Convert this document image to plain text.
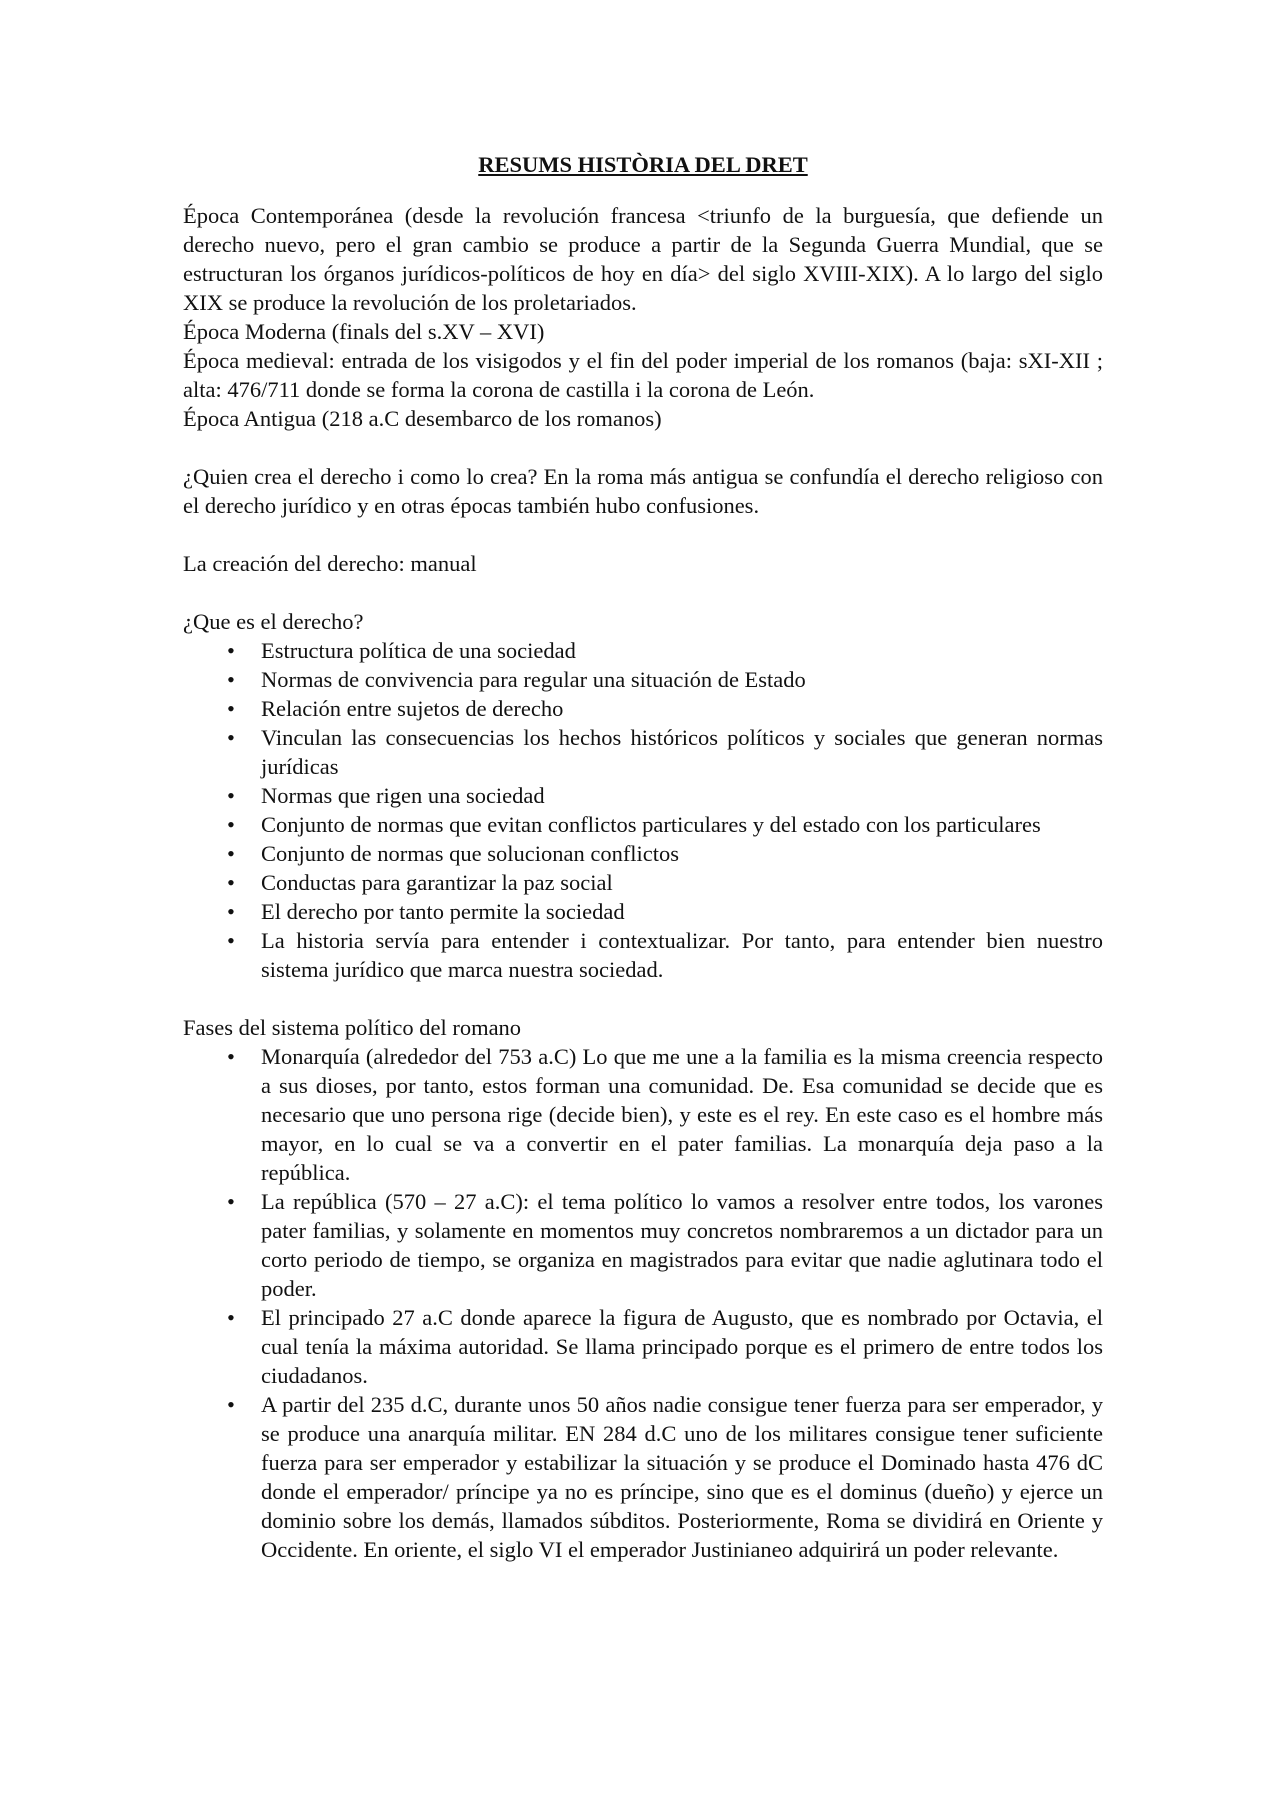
RESUMS HISTÒRIA DEL DRET

Época Contemporánea (desde la revolución francesa <triunfo de la burguesía, que defiende un derecho nuevo, pero el gran cambio se produce a partir de la Segunda Guerra Mundial, que se estructuran los órganos jurídicos-políticos de hoy en día> del siglo XVIII-XIX). A lo largo del siglo XIX se produce la revolución de los proletariados.

Época Moderna (finals del s.XV – XVI)

Época medieval: entrada de los visigodos y el fin del poder imperial de los romanos (baja: sXI-XII ; alta: 476/711 donde se forma la corona de castilla i la corona de León.

Época Antigua (218 a.C desembarco de los romanos)

¿Quien crea el derecho i como lo crea? En la roma más antigua se confundía el derecho religioso con el derecho jurídico y en otras épocas también hubo confusiones.

La creación del derecho: manual

¿Que es el derecho?

• Estructura política de una sociedad
• Normas de convivencia para regular una situación de Estado
• Relación entre sujetos de derecho
• Vinculan las consecuencias los hechos históricos políticos y sociales que generan normas jurídicas
• Normas que rigen una sociedad
• Conjunto de normas que evitan conflictos particulares y del estado con los particulares
• Conjunto de normas que solucionan conflictos
• Conductas para garantizar la paz social
• El derecho por tanto permite la sociedad
• La historia servía para entender i contextualizar. Por tanto, para entender bien nuestro sistema jurídico que marca nuestra sociedad.

Fases del sistema político del romano

• Monarquía (alrededor del 753 a.C) Lo que me une a la familia es la misma creencia respecto a sus dioses, por tanto, estos forman una comunidad. De. Esa comunidad se decide que es necesario que uno persona rige (decide bien), y este es el rey. En este caso es el hombre más mayor, en lo cual se va a convertir en el pater familias. La monarquía deja paso a la república.
• La república (570 – 27 a.C): el tema político lo vamos a resolver entre todos, los varones pater familias, y solamente en momentos muy concretos nombraremos a un dictador para un corto periodo de tiempo, se organiza en magistrados para evitar que nadie aglutinara todo el poder.
• El principado 27 a.C donde aparece la figura de Augusto, que es nombrado por Octavia, el cual tenía la máxima autoridad. Se llama principado porque es el primero de entre todos los ciudadanos.
• A partir del 235 d.C, durante unos 50 años nadie consigue tener fuerza para ser emperador, y se produce una anarquía militar. EN 284 d.C uno de los militares consigue tener suficiente fuerza para ser emperador y estabilizar la situación y se produce el Dominado hasta 476 dC donde el emperador/ príncipe ya no es príncipe, sino que es el dominus (dueño) y ejerce un dominio sobre los demás, llamados súbditos. Posteriormente, Roma se dividirá en Oriente y Occidente. En oriente, el siglo VI el emperador Justinianeo adquirirá un poder relevante.
